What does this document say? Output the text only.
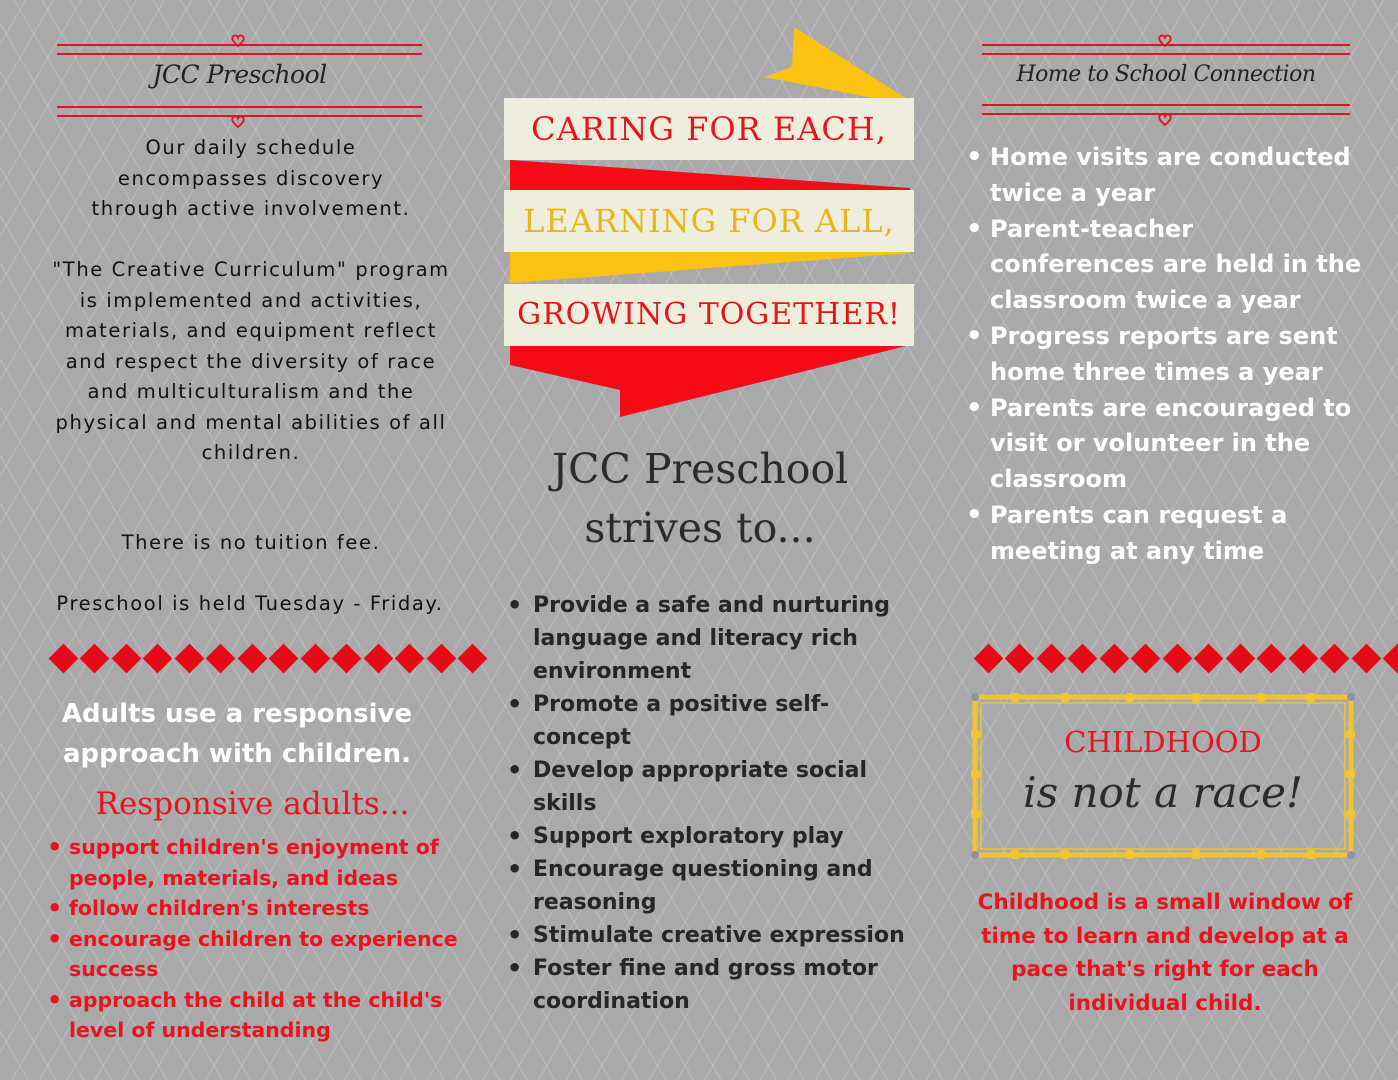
JCC Preschool
Our daily schedule encompasses discovery through active involvement.
"The Creative Curriculum" program is implemented and activities, materials, and equipment reflect and respect the diversity of race and multiculturalism and the physical and mental abilities of all children.
There is no tuition fee.
Preschool is held Tuesday - Friday.
Adults use a responsive approach with children.
Responsive adults...
• support children's enjoyment of people, materials, and ideas
• follow children's interests
• encourage children to experience success
• approach the child at the child's level of understanding
CARING FOR EACH,
LEARNING FOR ALL,
GROWING TOGETHER!
JCC Preschool strives to...
• Provide a safe and nurturing language and literacy rich environment
• Promote a positive self-concept
• Develop appropriate social skills
• Support exploratory play
• Encourage questioning and reasoning
• Stimulate creative expression
• Foster fine and gross motor coordination
Home to School Connection
• Home visits are conducted twice a year
• Parent-teacher conferences are held in the classroom twice a year
• Progress reports are sent home three times a year
• Parents are encouraged to visit or volunteer in the classroom
• Parents can request a meeting at any time
CHILDHOOD
is not a race!
Childhood is a small window of time to learn and develop at a pace that's right for each individual child.
